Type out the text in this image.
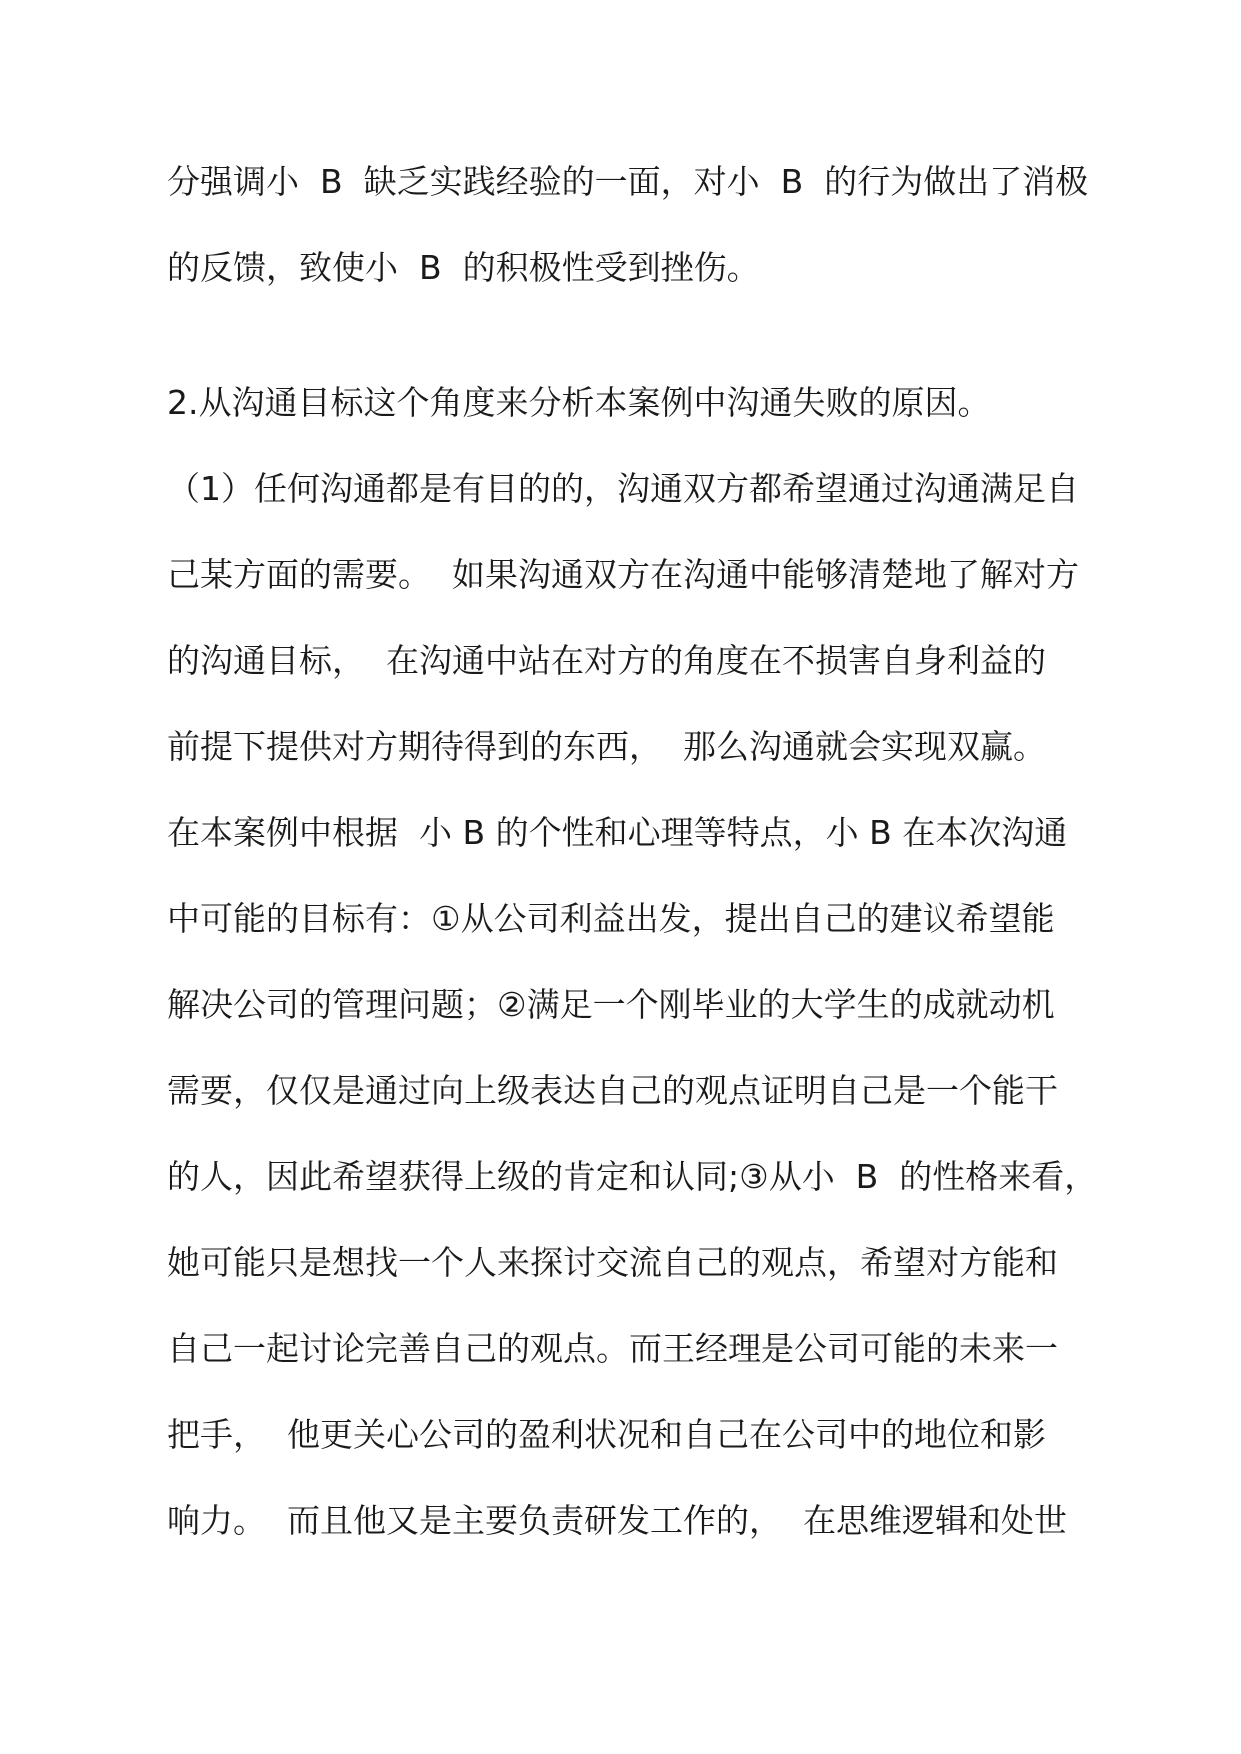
分强调小  B  缺乏实践经验的一面，对小  B  的行为做出了消极
的反馈，致使小  B  的积极性受到挫伤。
2.从沟通目标这个角度来分析本案例中沟通失败的原因。
（1）任何沟通都是有目的的，沟通双方都希望通过沟通满足自
己某方面的需要。  如果沟通双方在沟通中能够清楚地了解对方
的沟通目标，  在沟通中站在对方的角度在不损害自身利益的
前提下提供对方期待得到的东西，  那么沟通就会实现双赢。
在本案例中根据  小 B 的个性和心理等特点，小 B 在本次沟通
中可能的目标有：①从公司利益出发，提出自己的建议希望能
解决公司的管理问题；②满足一个刚毕业的大学生的成就动机
需要，仅仅是通过向上级表达自己的观点证明自己是一个能干
的人，因此希望获得上级的肯定和认同;③从小  B  的性格来看，
她可能只是想找一个人来探讨交流自己的观点，希望对方能和
自己一起讨论完善自己的观点。而王经理是公司可能的未来一
把手，  他更关心公司的盈利状况和自己在公司中的地位和影
响力。  而且他又是主要负责研发工作的，  在思维逻辑和处世
